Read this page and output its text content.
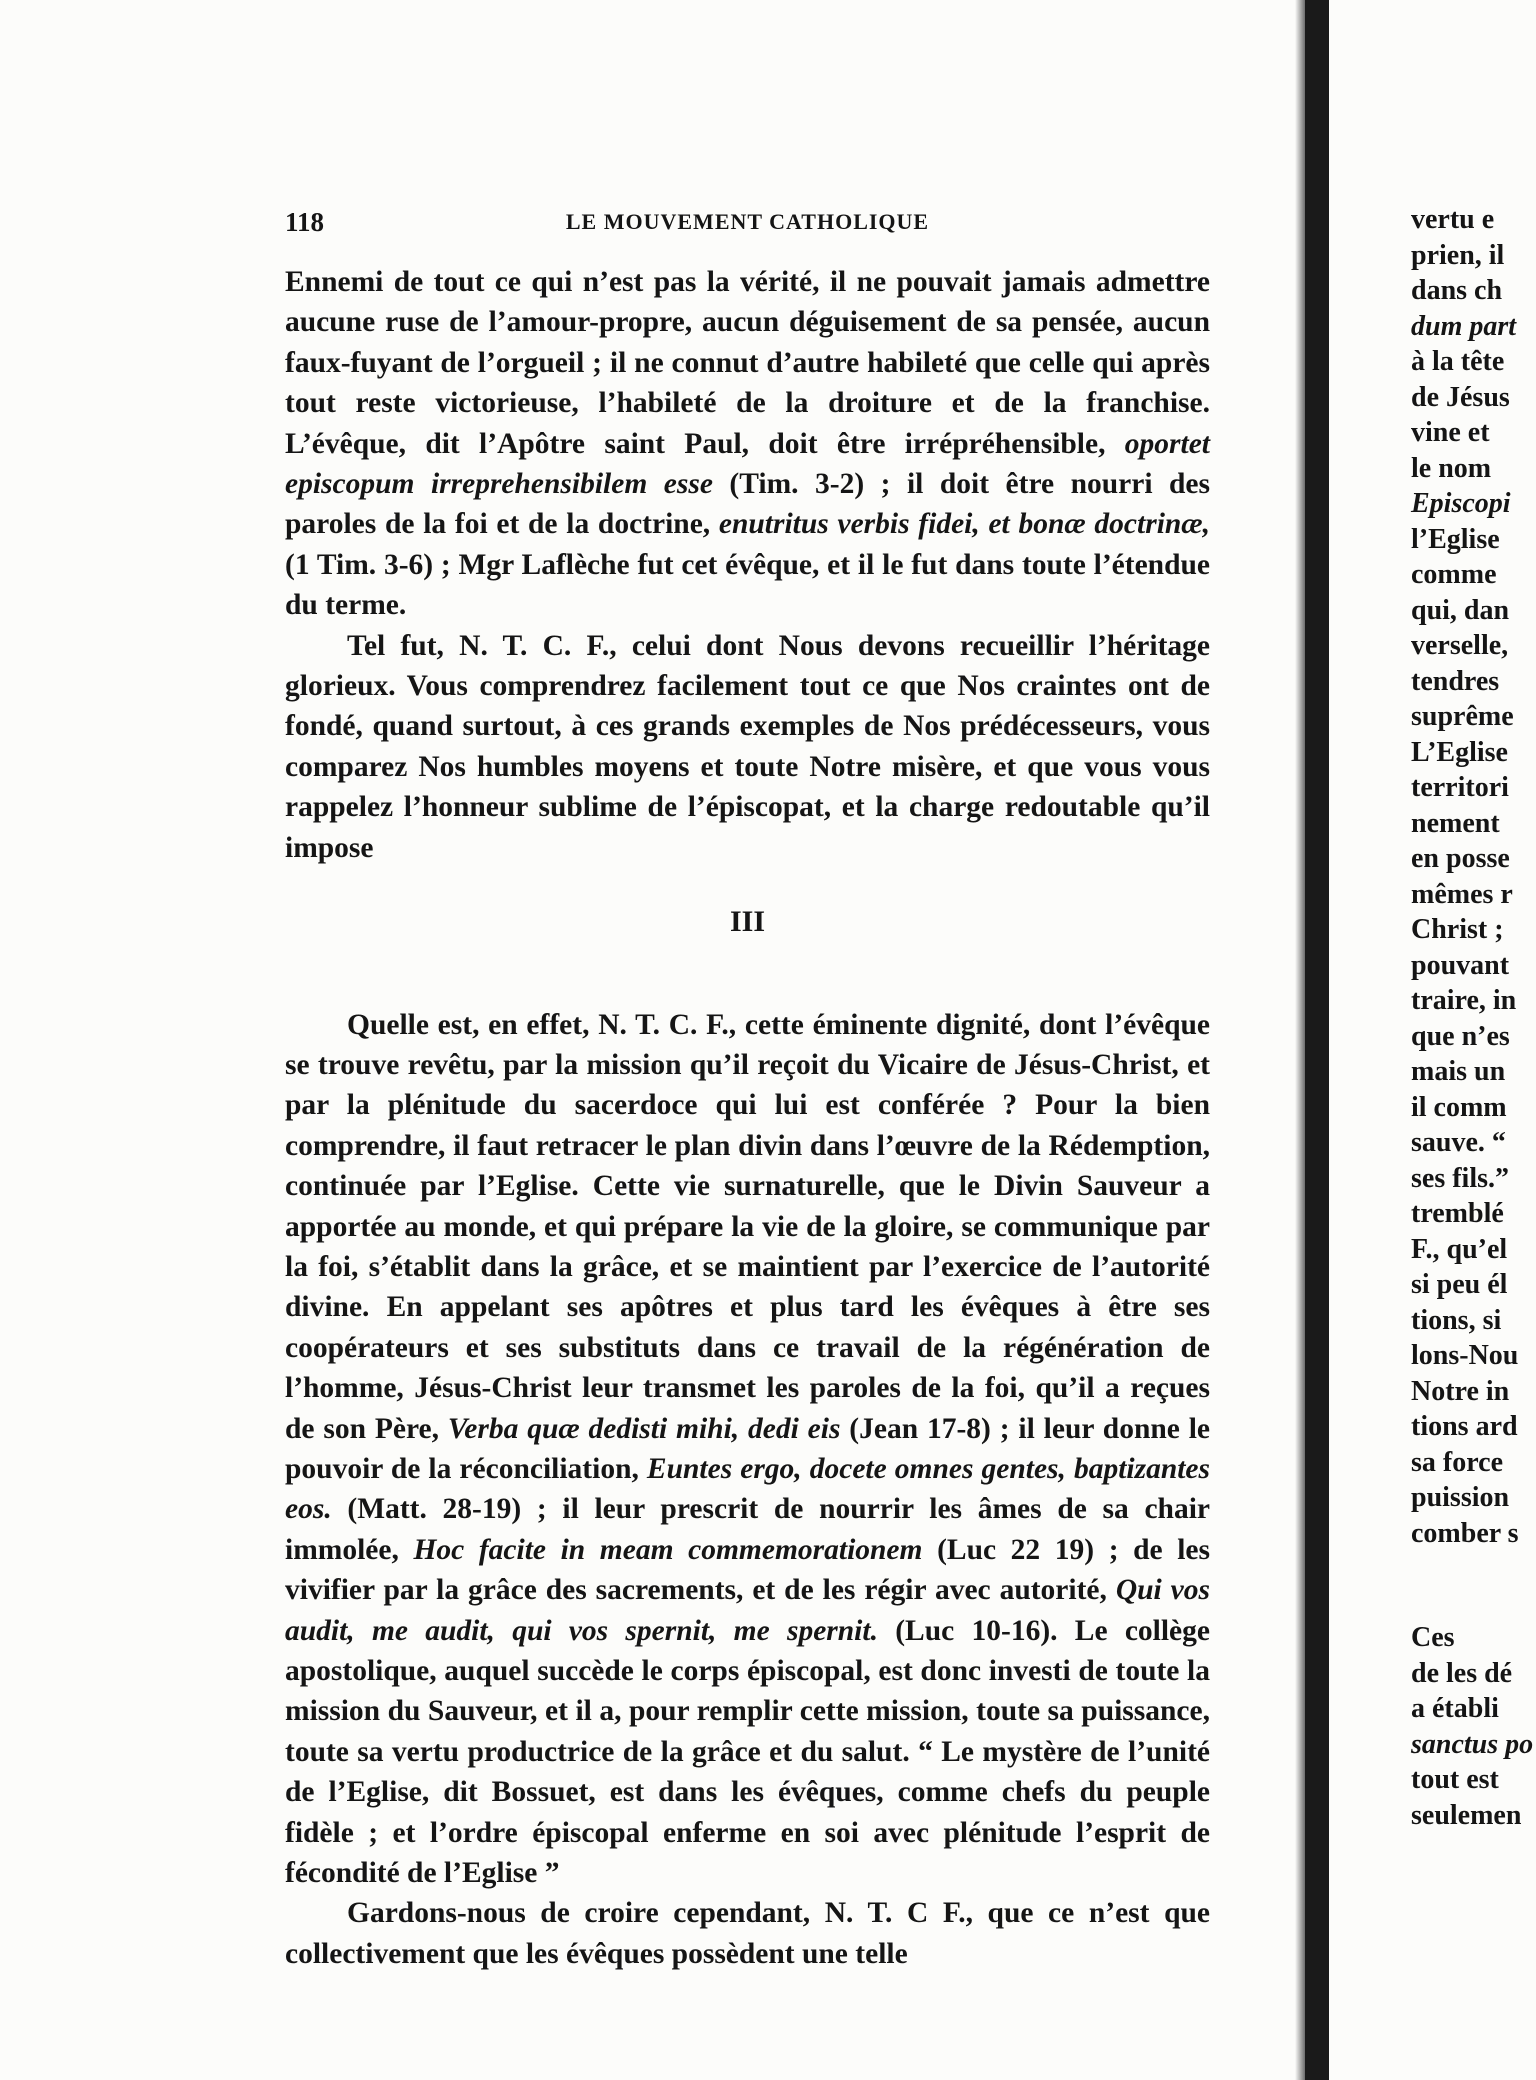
118	LE MOUVEMENT CATHOLIQUE

Ennemi de tout ce qui n’est pas la vérité, il ne pouvait jamais admettre aucune ruse de l’amour-propre, aucun déguisement de sa pensée, aucun faux-fuyant de l’orgueil ; il ne connut d’autre habileté que celle qui après tout reste victorieuse, l’habileté de la droiture et de la franchise. L’évêque, dit l’Apôtre saint Paul, doit être irrépréhensible, oportet episcopum irreprehensibilem esse (Tim. 3-2) ; il doit être nourri des paroles de la foi et de la doctrine, enutritus verbis fidei, et bonæ doctrinæ, (1 Tim. 3-6) ; Mgr Laflèche fut cet évêque, et il le fut dans toute l’étendue du terme.

Tel fut, N. T. C. F., celui dont Nous devons recueillir l’héritage glorieux. Vous comprendrez facilement tout ce que Nos craintes ont de fondé, quand surtout, à ces grands exemples de Nos prédécesseurs, vous comparez Nos humbles moyens et toute Notre misère, et que vous vous rappelez l’honneur sublime de l’épiscopat, et la charge redoutable qu’il impose

III

Quelle est, en effet, N. T. C. F., cette éminente dignité, dont l’évêque se trouve revêtu, par la mission qu’il reçoit du Vicaire de Jésus-Christ, et par la plénitude du sacerdoce qui lui est conférée ? Pour la bien comprendre, il faut retracer le plan divin dans l’œuvre de la Rédemption, continuée par l’Eglise. Cette vie surnaturelle, que le Divin Sauveur a apportée au monde, et qui prépare la vie de la gloire, se communique par la foi, s’établit dans la grâce, et se maintient par l’exercice de l’autorité divine. En appelant ses apôtres et plus tard les évêques à être ses coopérateurs et ses substituts dans ce travail de la régénération de l’homme, Jésus-Christ leur transmet les paroles de la foi, qu’il a reçues de son Père, Verba quæ dedisti mihi, dedi eis (Jean 17-8) ; il leur donne le pouvoir de la réconciliation, Euntes ergo, docete omnes gentes, baptizantes eos. (Matt. 28-19) ; il leur prescrit de nourrir les âmes de sa chair immolée, Hoc facite in meam commemorationem (Luc 22 19) ; de les vivifier par la grâce des sacrements, et de les régir avec autorité, Qui vos audit, me audit, qui vos spernit, me spernit. (Luc 10-16). Le collège apostolique, auquel succède le corps épiscopal, est donc investi de toute la mission du Sauveur, et il a, pour remplir cette mission, toute sa puissance, toute sa vertu productrice de la grâce et du salut. “ Le mystère de l’unité de l’Eglise, dit Bossuet, est dans les évêques, comme chefs du peuple fidèle ; et l’ordre épiscopal enferme en soi avec plénitude l’esprit de fécondité de l’Eglise ”

Gardons-nous de croire cependant, N. T. C F., que ce n’est que collectivement que les évêques possèdent une telle

vertu e
prien, il
dans ch
dum part
à la tête
de Jésus
vine et
le nom
Episcopi
l’Eglise
comme
qui, dan
verselle,
tendres
suprême
L’Eglise
territori
nement
en posse
mêmes r
Christ ;
pouvant
traire, in
que n’es
mais un
il comm
sauve. “
ses fils.”
tremblé
F., qu’el
si peu él
tions, si
lons-Nou
Notre in
tions ard
sa force
puission
comber s
Ces
de les dé
a établi
sanctus po
tout est
seulemen
